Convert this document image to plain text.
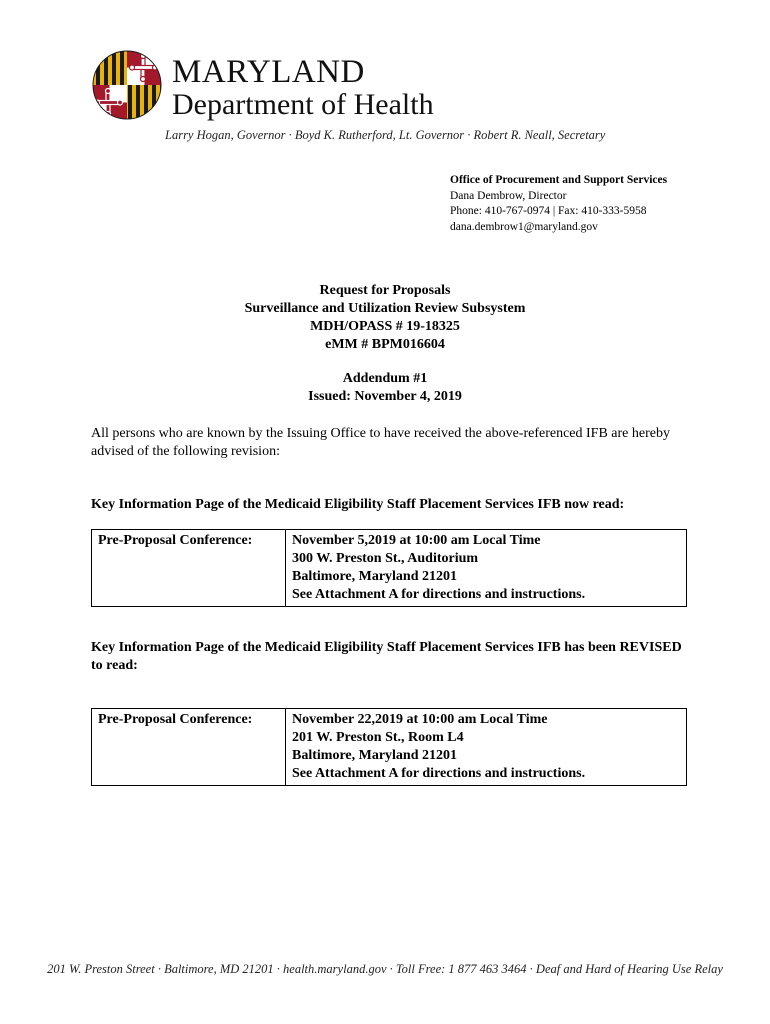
MARYLAND
Department of Health
Larry Hogan, Governor · Boyd K. Rutherford, Lt. Governor · Robert R. Neall, Secretary
Office of Procurement and Support Services
Dana Dembrow, Director
Phone: 410-767-0974 | Fax: 410-333-5958
dana.dembrow1@maryland.gov
Request for Proposals
Surveillance and Utilization Review Subsystem
MDH/OPASS # 19-18325
eMM # BPM016604
Addendum #1
Issued: November 4, 2019
All persons who are known by the Issuing Office to have received the above-referenced IFB are hereby advised of the following revision:
Key Information Page of the Medicaid Eligibility Staff Placement Services IFB now read:
Pre-Proposal Conference:	November 5,2019 at 10:00 am Local Time
300 W. Preston St., Auditorium
Baltimore, Maryland 21201
See Attachment A for directions and instructions.
Key Information Page of the Medicaid Eligibility Staff Placement Services IFB has been REVISED to read:
Pre-Proposal Conference:	November 22,2019 at 10:00 am Local Time
201 W. Preston St., Room L4
Baltimore, Maryland 21201
See Attachment A for directions and instructions.
201 W. Preston Street · Baltimore, MD 21201 · health.maryland.gov · Toll Free: 1 877 463 3464 · Deaf and Hard of Hearing Use Relay
